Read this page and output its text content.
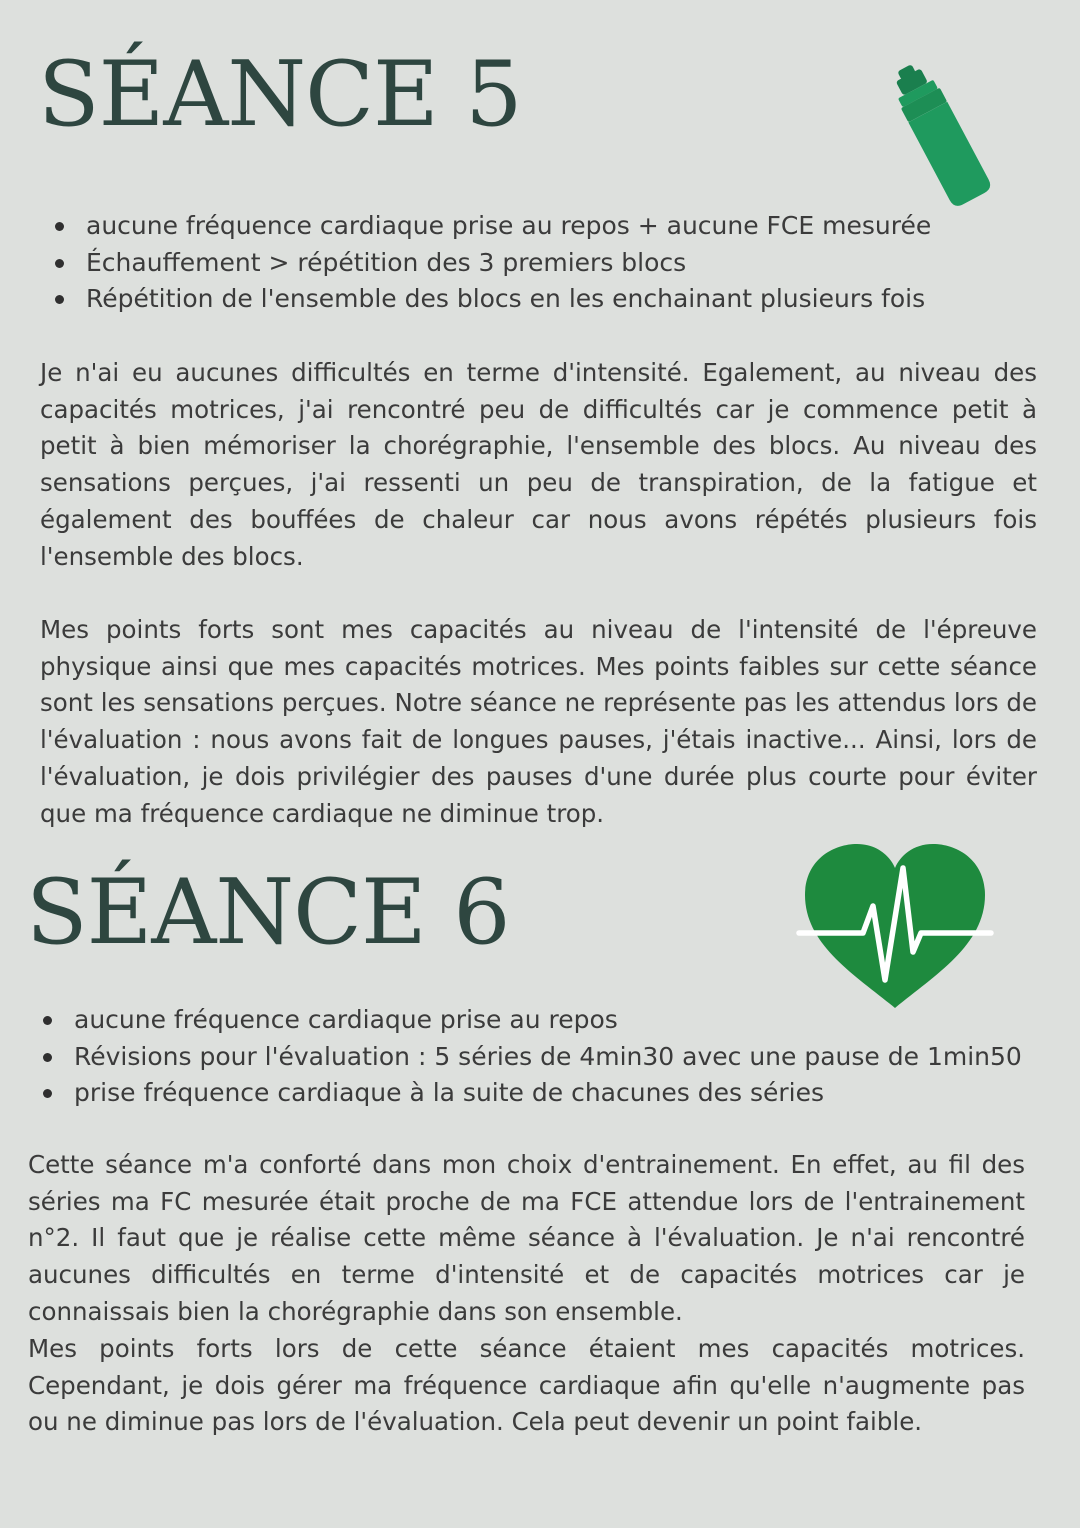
SÉANCE 5
aucune fréquence cardiaque prise au repos + aucune FCE mesurée
Échauffement > répétition des 3 premiers blocs
Répétition de l'ensemble des blocs en les enchainant plusieurs fois

Je n'ai eu aucunes difficultés en terme d'intensité. Egalement, au niveau des capacités motrices, j'ai rencontré peu de difficultés car je commence petit à petit à bien mémoriser la chorégraphie, l'ensemble des blocs. Au niveau des sensations perçues, j'ai ressenti un peu de transpiration, de la fatigue et également des bouffées de chaleur car nous avons répétés plusieurs fois l'ensemble des blocs.

Mes points forts sont mes capacités au niveau de l'intensité de l'épreuve physique ainsi que mes capacités motrices. Mes points faibles sur cette séance sont les sensations perçues. Notre séance ne représente pas les attendus lors de l'évaluation : nous avons fait de longues pauses, j'étais inactive... Ainsi, lors de l'évaluation, je dois privilégier des pauses d'une durée plus courte pour éviter que ma fréquence cardiaque ne diminue trop.

SÉANCE 6
aucune fréquence cardiaque prise au repos
Révisions pour l'évaluation : 5 séries de 4min30 avec une pause de 1min50
prise fréquence cardiaque à la suite de chacunes des séries

Cette séance m'a conforté dans mon choix d'entrainement. En effet, au fil des séries ma FC mesurée était proche de ma FCE attendue lors de l'entrainement n°2. Il faut que je réalise cette même séance à l'évaluation. Je n'ai rencontré aucunes difficultés en terme d'intensité et de capacités motrices car je connaissais bien la chorégraphie dans son ensemble.

Mes points forts lors de cette séance étaient mes capacités motrices. Cependant, je dois gérer ma fréquence cardiaque afin qu'elle n'augmente pas ou ne diminue pas lors de l'évaluation. Cela peut devenir un point faible.
